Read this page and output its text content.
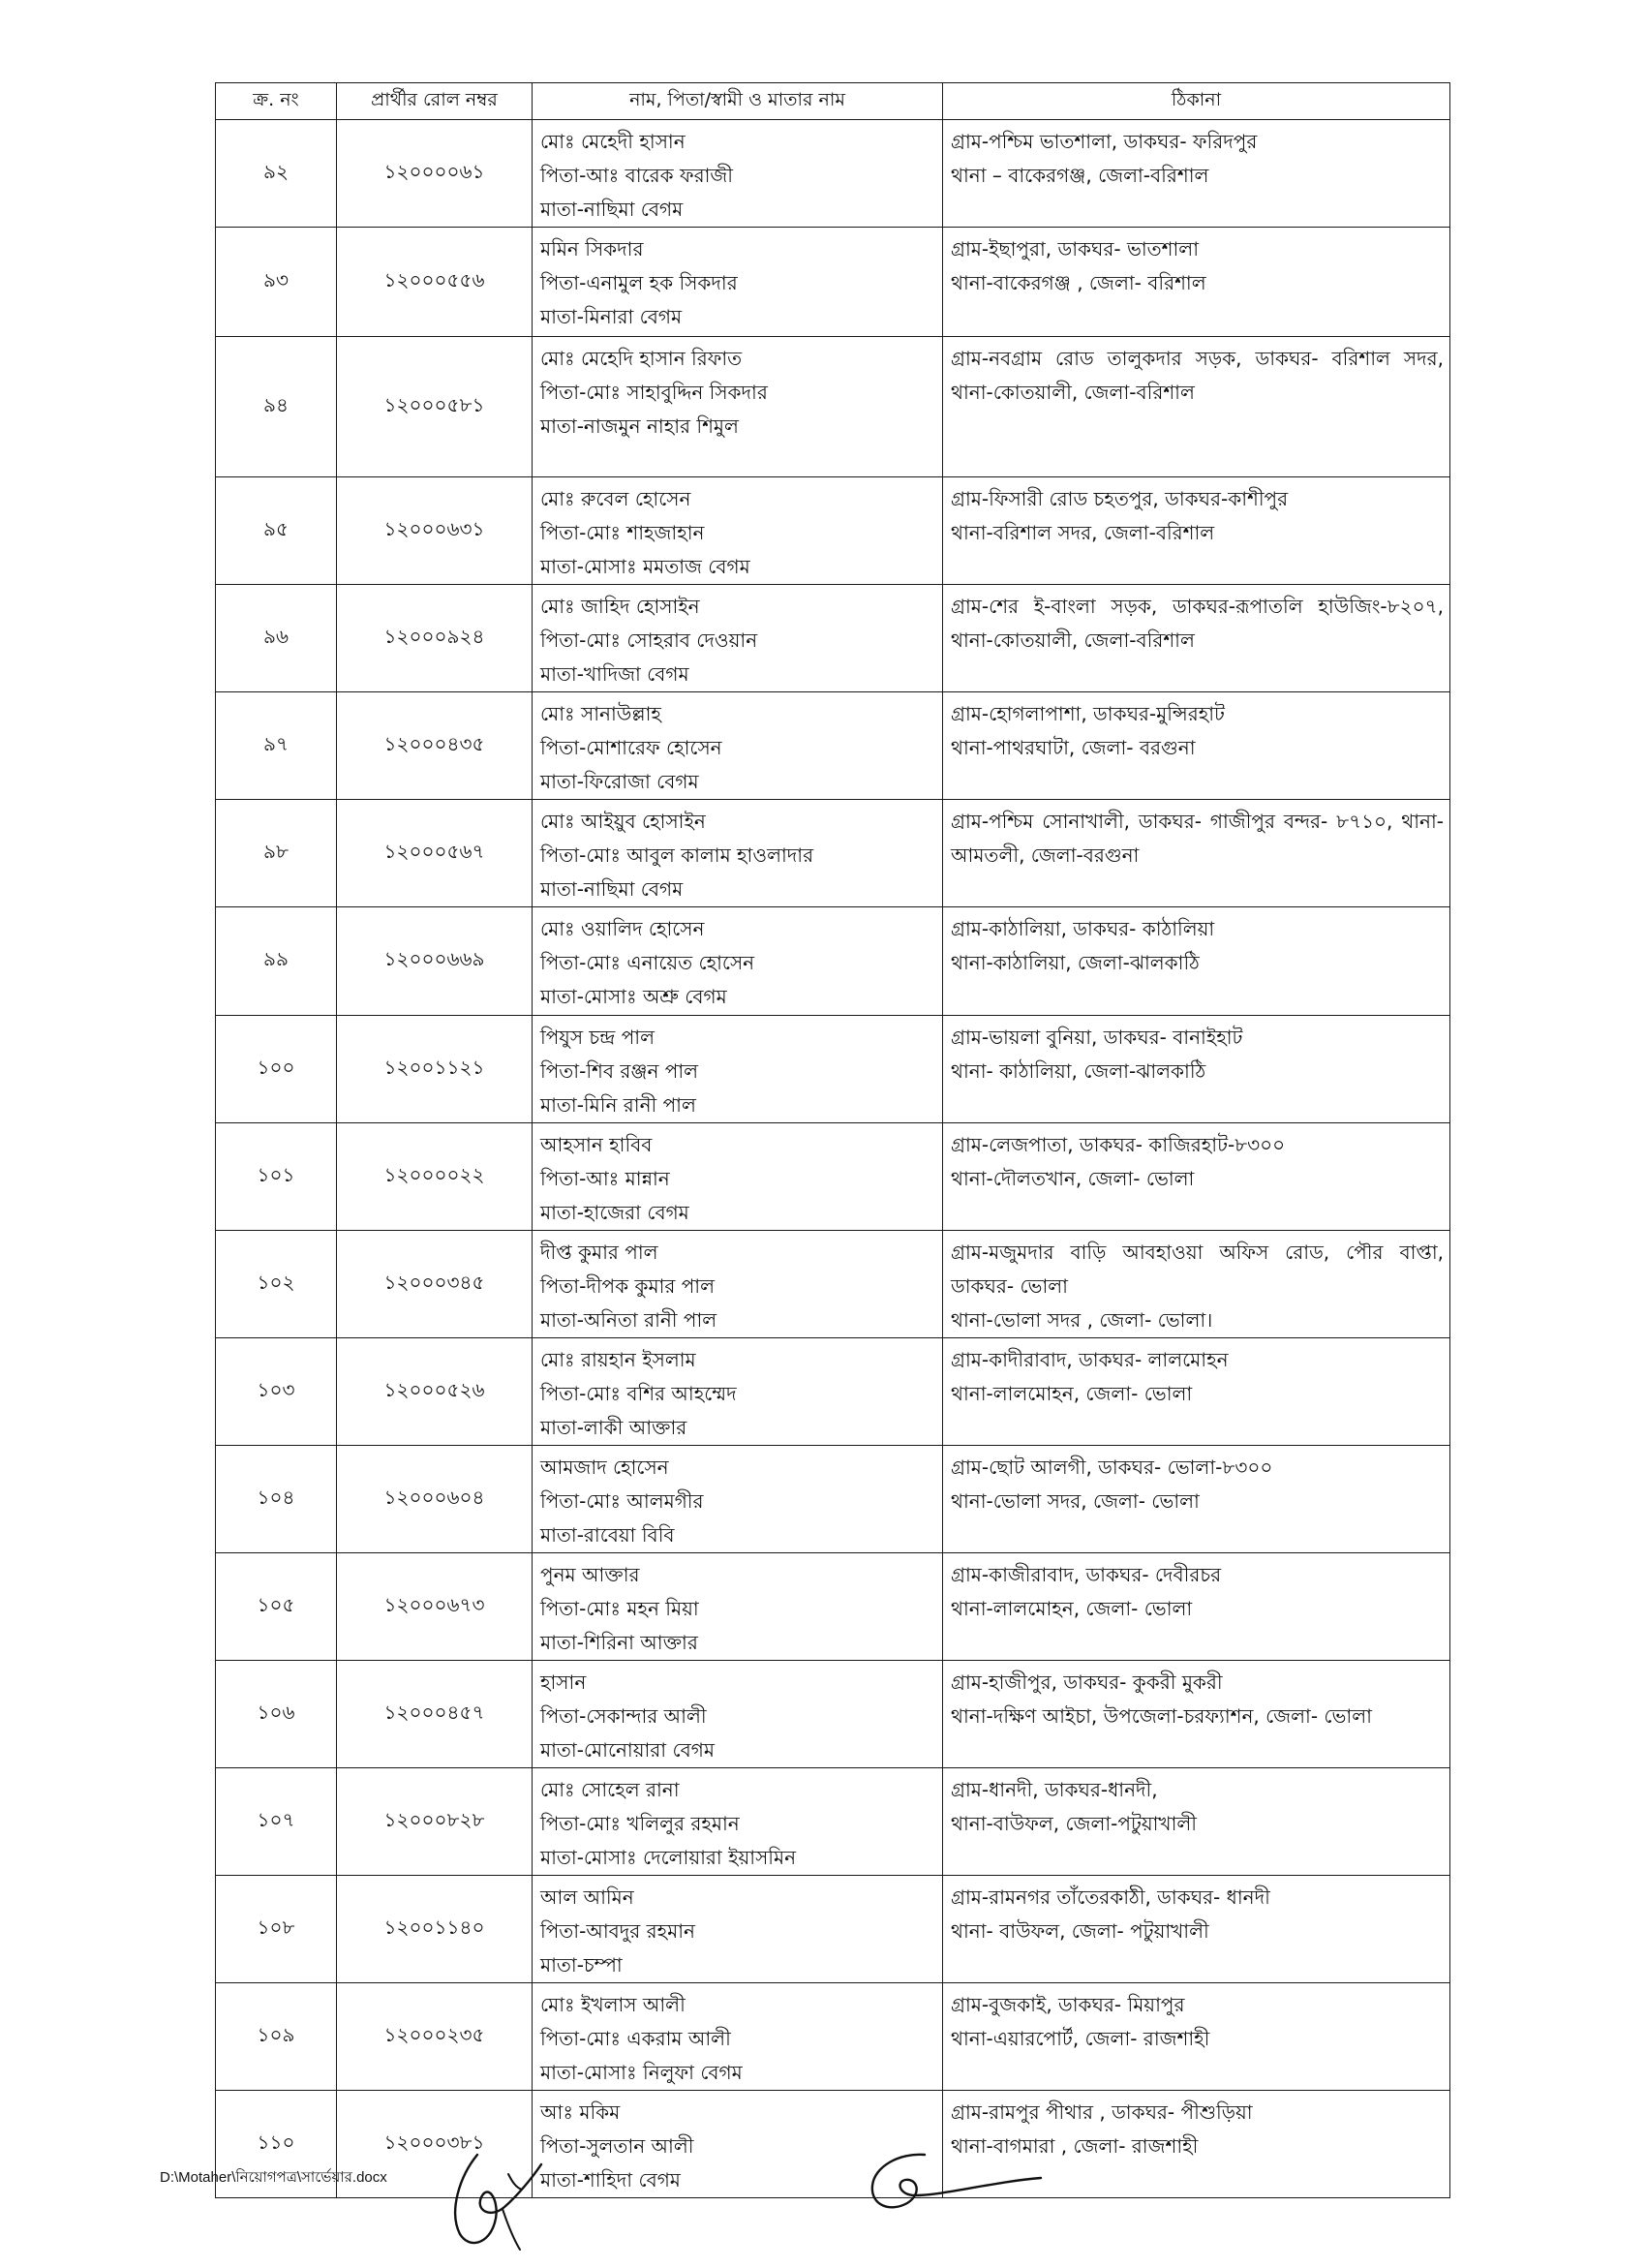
ক্র. নং	প্রার্থীর রোল নম্বর	নাম, পিতা/স্বামী ও মাতার নাম	ঠিকানা
৯২	১২০০০০৬১	মোঃ মেহেদী হাসান
পিতা-আঃ বারেক ফরাজী
মাতা-নাছিমা বেগম	গ্রাম-পশ্চিম ভাতশালা, ডাকঘর- ফরিদপুর
থানা – বাকেরগঞ্জ, জেলা-বরিশাল

৯৩	১২০০০৫৫৬	মমিন সিকদার
পিতা-এনামুল হক সিকদার
মাতা-মিনারা বেগম	গ্রাম-ইছাপুরা, ডাকঘর- ভাতশালা
থানা-বাকেরগঞ্জ , জেলা- বরিশাল

৯৪	১২০০০৫৮১	মোঃ মেহেদি হাসান রিফাত
পিতা-মোঃ সাহাবুদ্দিন সিকদার
মাতা-নাজমুন নাহার শিমুল	গ্রাম-নবগ্রাম রোড তালুকদার সড়ক, ডাকঘর- বরিশাল সদর, থানা-কোতয়ালী, জেলা-বরিশাল

৯৫	১২০০০৬৩১	মোঃ রুবেল হোসেন
পিতা-মোঃ শাহজাহান
মাতা-মোসাঃ মমতাজ বেগম	গ্রাম-ফিসারী রোড চহতপুর, ডাকঘর-কাশীপুর
থানা-বরিশাল সদর, জেলা-বরিশাল

৯৬	১২০০০৯২৪	মোঃ জাহিদ হোসাইন
পিতা-মোঃ সোহরাব দেওয়ান
মাতা-খাদিজা বেগম	গ্রাম-শের ই-বাংলা সড়ক, ডাকঘর-রূপাতলি হাউজিং-৮২০৭, থানা-কোতয়ালী, জেলা-বরিশাল

৯৭	১২০০০৪৩৫	মোঃ সানাউল্লাহ
পিতা-মোশারেফ হোসেন
মাতা-ফিরোজা বেগম	গ্রাম-হোগলাপাশা, ডাকঘর-মুন্সিরহাট
থানা-পাথরঘাটা, জেলা- বরগুনা

৯৮	১২০০০৫৬৭	মোঃ আইয়ুব হোসাইন
পিতা-মোঃ আবুল কালাম হাওলাদার
মাতা-নাছিমা বেগম	গ্রাম-পশ্চিম সোনাখালী, ডাকঘর- গাজীপুর বন্দর- ৮৭১০, থানা-আমতলী, জেলা-বরগুনা

৯৯	১২০০০৬৬৯	মোঃ ওয়ালিদ হোসেন
পিতা-মোঃ এনায়েত হোসেন
মাতা-মোসাঃ অশ্রু বেগম	গ্রাম-কাঠালিয়া, ডাকঘর- কাঠালিয়া
থানা-কাঠালিয়া, জেলা-ঝালকাঠি

১০০	১২০০১১২১	পিযুস চন্দ্র পাল
পিতা-শিব রঞ্জন পাল
মাতা-মিনি রানী পাল	গ্রাম-ভায়লা বুনিয়া, ডাকঘর- বানাইহাট
থানা- কাঠালিয়া, জেলা-ঝালকাঠি

১০১	১২০০০০২২	আহসান হাবিব
পিতা-আঃ মান্নান
মাতা-হাজেরা বেগম	গ্রাম-লেজপাতা, ডাকঘর- কাজিরহাট-৮৩০০
থানা-দৌলতখান, জেলা- ভোলা

১০২	১২০০০৩৪৫	দীপ্ত কুমার পাল
পিতা-দীপক কুমার পাল
মাতা-অনিতা রানী পাল	গ্রাম-মজুমদার বাড়ি আবহাওয়া অফিস রোড, পৌর বাপ্তা, ডাকঘর- ভোলা
থানা-ভোলা সদর , জেলা- ভোলা।

১০৩	১২০০০৫২৬	মোঃ রায়হান ইসলাম
পিতা-মোঃ বশির আহম্মেদ
মাতা-লাকী আক্তার	গ্রাম-কাদীরাবাদ, ডাকঘর- লালমোহন
থানা-লালমোহন, জেলা- ভোলা

১০৪	১২০০০৬০৪	আমজাদ হোসেন
পিতা-মোঃ আলমগীর
মাতা-রাবেয়া বিবি	গ্রাম-ছোট আলগী, ডাকঘর- ভোলা-৮৩০০
থানা-ভোলা সদর, জেলা- ভোলা

১০৫	১২০০০৬৭৩	পুনম আক্তার
পিতা-মোঃ মহন মিয়া
মাতা-শিরিনা আক্তার	গ্রাম-কাজীরাবাদ, ডাকঘর- দেবীরচর
থানা-লালমোহন, জেলা- ভোলা

১০৬	১২০০০৪৫৭	হাসান
পিতা-সেকান্দার আলী
মাতা-মোনোয়ারা বেগম	গ্রাম-হাজীপুর, ডাকঘর- কুকরী মুকরী
থানা-দক্ষিণ আইচা, উপজেলা-চরফ্যাশন, জেলা- ভোলা

১০৭	১২০০০৮২৮	মোঃ সোহেল রানা
পিতা-মোঃ খলিলুর রহমান
মাতা-মোসাঃ দেলোয়ারা ইয়াসমিন	গ্রাম-ধানদী, ডাকঘর-ধানদী,
থানা-বাউফল, জেলা-পটুয়াখালী

১০৮	১২০০১১৪০	আল আমিন
পিতা-আবদুর রহমান
মাতা-চম্পা	গ্রাম-রামনগর তাঁতেরকাঠী, ডাকঘর- ধানদী
থানা- বাউফল, জেলা- পটুয়াখালী

১০৯	১২০০০২৩৫	মোঃ ইখলাস আলী
পিতা-মোঃ একরাম আলী
মাতা-মোসাঃ নিলুফা বেগম	গ্রাম-বুজকাই, ডাকঘর- মিয়াপুর
থানা-এয়ারপোর্ট, জেলা- রাজশাহী

১১০	১২০০০৩৮১	আঃ মকিম
পিতা-সুলতান আলী
মাতা-শাহিদা বেগম	গ্রাম-রামপুর পীথার , ডাকঘর- পীশুড়িয়া
থানা-বাগমারা , জেলা- রাজশাহী
D:\Motaher\নিয়োগপত্র\সার্ভেয়ার.docx
